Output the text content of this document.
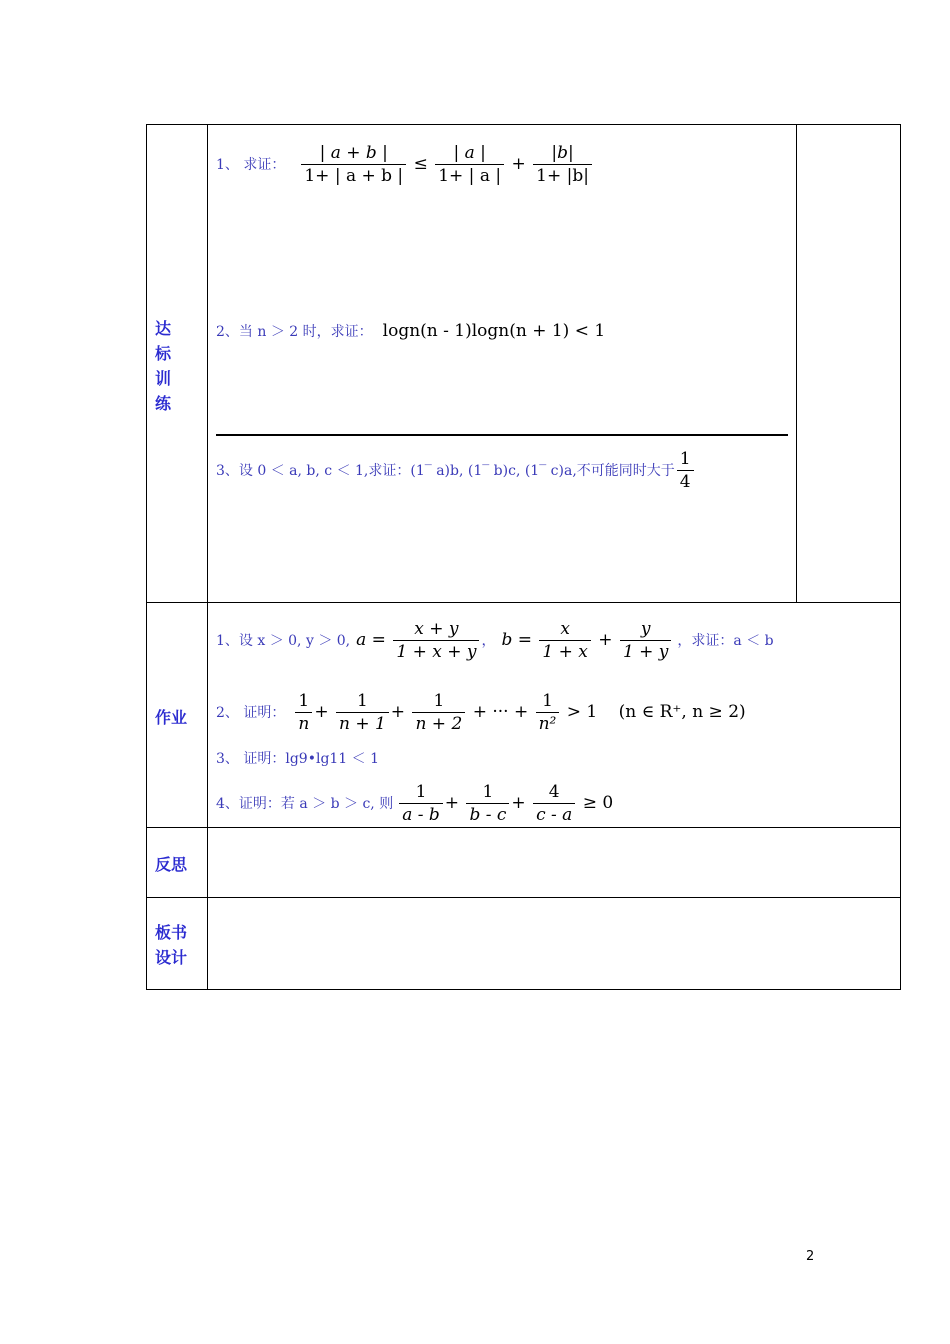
达标训练
作业
反思
板书设计
1、 求证： $\frac{| a + b |}{1+ | a + b |} \le \frac{| a |}{1+ | a |} + \frac{|b|}{1+ |b|}$
2、当 n ＞ 2 时，求证： logn(n - 1)logn(n + 1) < 1
3、设 0 ＜ a, b, c ＜ 1,求证：(1‾ a)b, (1‾ b)c, (1‾ c)a,不可能同时大于 $\frac{1}{4}$
1、设 x ＞ 0, y ＞ 0, $a = \frac{x + y}{1 + x + y}$ ， $b = \frac{x}{1 + x} + \frac{y}{1 + y}$ ，求证：a ＜ b
2、 证明： $\frac{1}{n} + \frac{1}{n + 1} + \frac{1}{n + 2}$ + ··· + $\frac{1}{\text{n²}} > 1$ (n ∈ R⁺, n ≥ 2)
3、 证明：lg9•lg11 ＜ 1
4、证明：若 a ＞ b ＞ c, 则 $\frac{1}{a - b} + \frac{1}{b - c} + \frac{4}{c - a} \ge 0$
2
